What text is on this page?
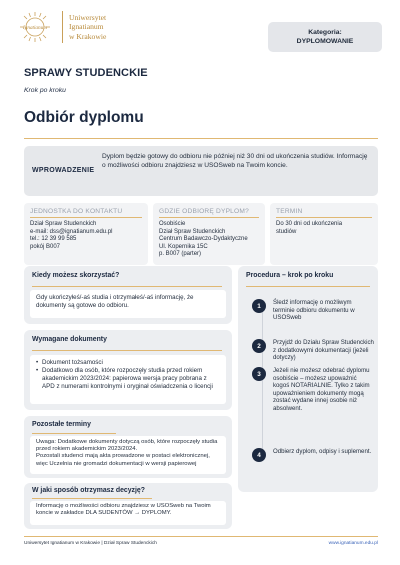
Ignatianum
Uniwersytet
Ignatianum
w Krakowie	Kategoria:
DYPLOMOWANIE
SPRAWY STUDENCKIE
Krok po kroku
Odbiór dyplomu
WPROWADZENIE
Dyplom będzie gotowy do odbioru nie później niż 30 dni od ukończenia studiów. Informację o możliwości odbioru znajdziesz w USOSweb na Twoim koncie.
JEDNOSTKA DO KONTAKTU
Dział Spraw Studenckich
e-mail: dss@ignatianum.edu.pl
tel.: 12 39 99 585
pokój B007
GDZIE ODBIORĘ DYPLOM?
Osobiście
Dział Spraw Studenckich
Centrum Badawczo-Dydaktyczne
Ul. Kopernika 15C
p. B007 (parter)
TERMIN
Do 30 dni od ukończenia
studiów
Kiedy możesz skorzystać?
Gdy ukończyłeś/-aś studia i otrzymałeś/-aś informację, że dokumenty są gotowe do odbioru.
Wymagane dokumenty
• Dokument tożsamości
• Dodatkowo dla osób, które rozpoczęły studia przed rokiem akademickim 2023/2024: papierowa wersja pracy pobrana z APD z numerami kontrolnymi i oryginał oświadczenia o licencji
Pozostałe terminy
Uwaga: Dodatkowe dokumenty dotyczą osób, które rozpoczęły studia przed rokiem akademickim 2023/2024.
Pozostali studenci mają akta prowadzone w postaci elektronicznej, więc Uczelnia nie gromadzi dokumentacji w wersji papierowej
W jaki sposób otrzymasz decyzję?
Informację o możliwości odbioru znajdziesz w USOSweb na Twoim koncie w zakładce DLA SUDENTÓW → DYPLOMY.
Procedura – krok po kroku
1	Śledź informację o możliwym terminie odbioru dokumentu w USOSweb
2	Przyjdź do Działu Spraw Studenckich z dodatkowymi dokumentacji (jeżeli dotyczy)
3	Jeżeli nie możesz odebrać dyplomu osobiście – możesz upoważnić kogoś NOTARIALNIE. Tylko z takim upoważnieniem dokumenty mogą zostać wydane innej osobie niż absolwent.
4	Odbierz dyplom, odpisy i suplement.
Uniwersytet Ignatianum w Krakowie | Dział Spraw Studenckich	www.ignatianum.edu.pl
